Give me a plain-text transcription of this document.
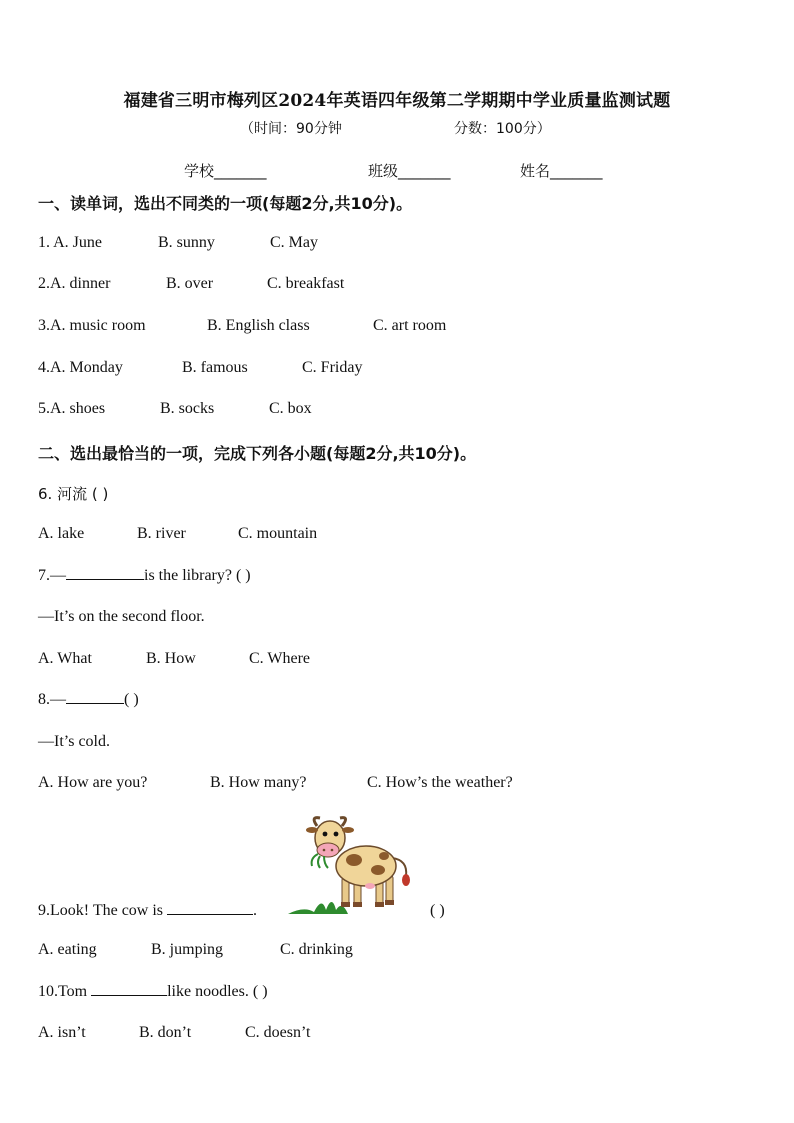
福建省三明市梅列区2024年英语四年级第二学期期中学业质量监测试题
（时间：90分钟	分数：100分）
学校_______	班级_______	姓名_______
一、读单词，选出不同类的一项(每题2分,共10分)。
1. A. June	B. sunny	C. May
2.A. dinner	B. over	C. breakfast
3.A. music room	B. English class	C. art room
4.A. Monday	B. famous	C. Friday
5.A. shoes	B. socks	C. box
二、选出最恰当的一项，完成下列各小题(每题2分,共10分)。
6. 河流 ( )
A. lake	B. river	C. mountain
7.—	is the library? ( )
—It’s on the second floor.
A. What	B. How	C. Where
8.—	( )
—It’s cold.
A. How are you?	B. How many?	C. How’s the weather?
9.Look! The cow is	.	( )
A. eating	B. jumping	C. drinking
10.Tom	like noodles. ( )
A. isn’t	B. don’t	C. doesn’t
